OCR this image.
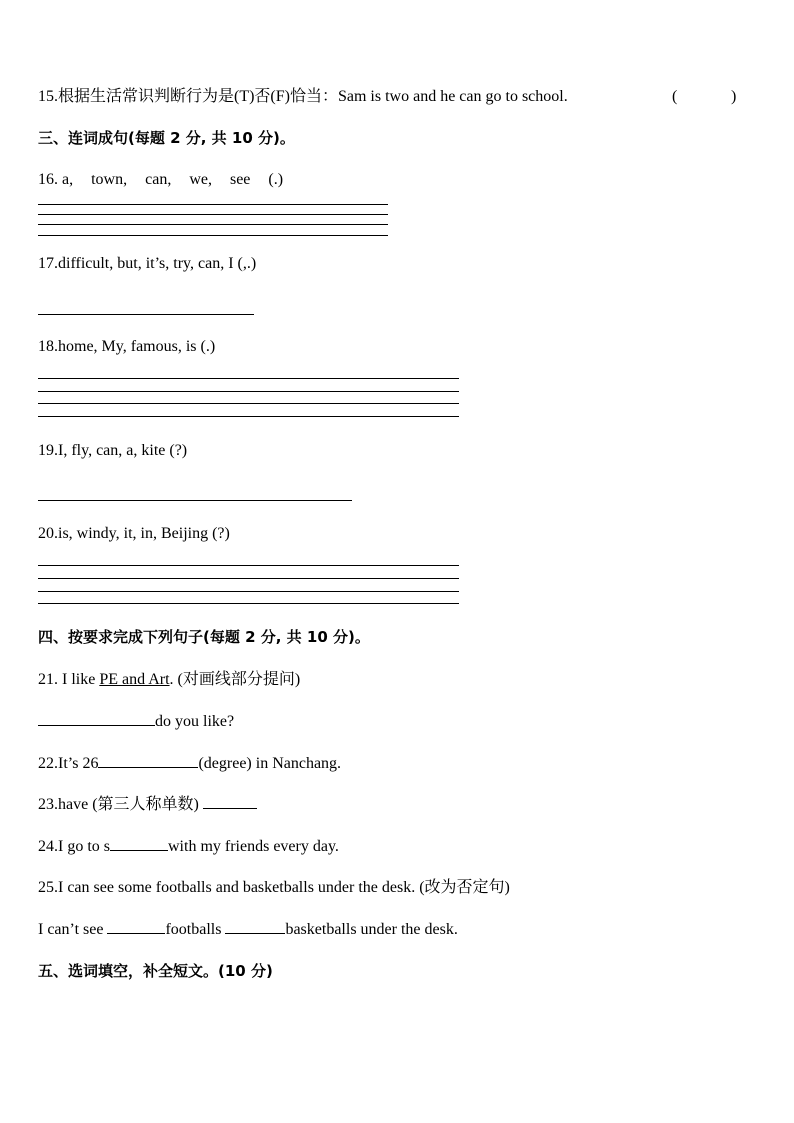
15.根据生活常识判断行为是(T)否(F)恰当：Sam is two and he can go to school.	(	)
三、连词成句(每题 2 分, 共 10 分)。
16. a, town, can, we, see (.)
17.difficult, but, it’s, try, can, I (,.)
18.home, My, famous, is (.)
19.I, fly, can, a, kite (?)
20.is, windy, it, in, Beijing (?)
四、按要求完成下列句子(每题 2 分, 共 10 分)。
21. I like PE and Art. (对画线部分提问)
do you like?
22.It’s 26	(degree) in Nanchang.
23.have (第三人称单数)
24.I go to s	with my friends every day.
25.I can see some footballs and basketballs under the desk. (改为否定句)
I can’t see	footballs	basketballs under the desk.
五、选词填空，补全短文。(10 分)
